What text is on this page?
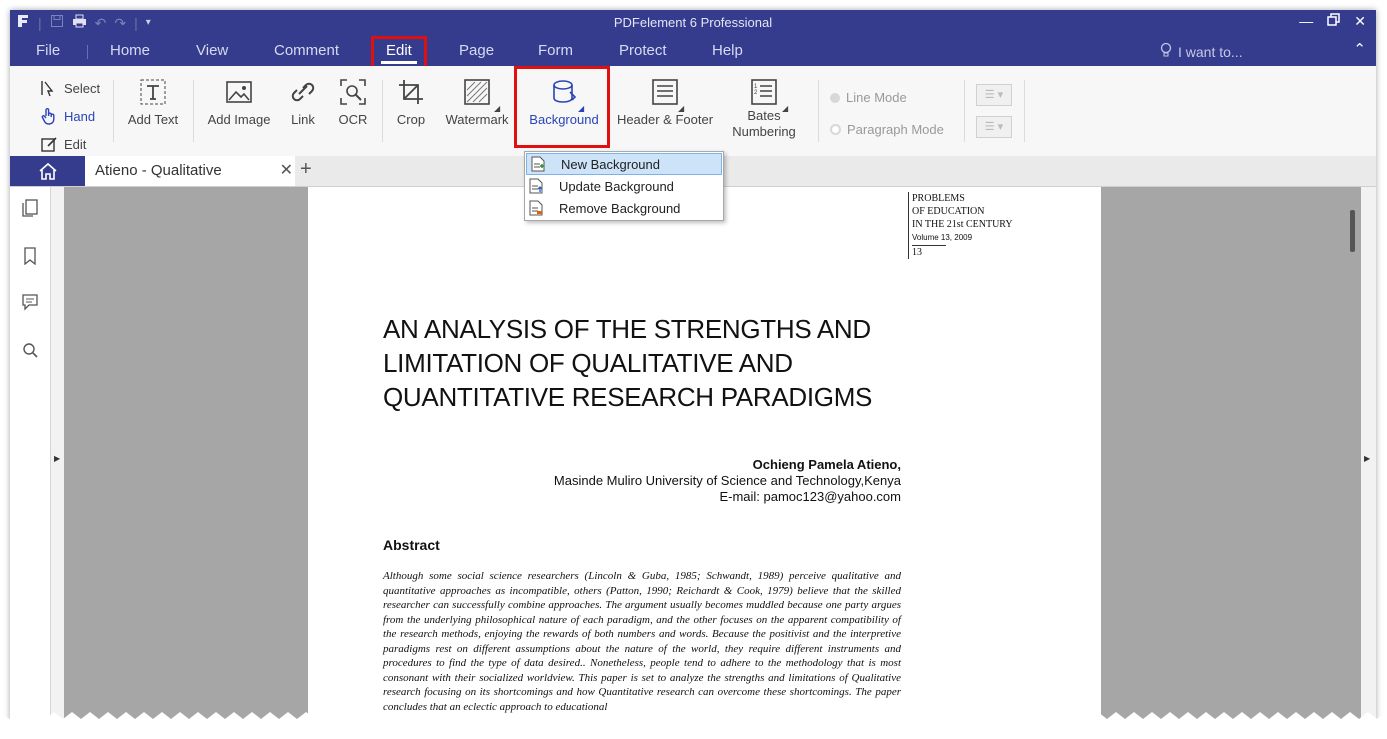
|	↶ ↷ | ▾	PDFelement 6 Professional	—	✕
File	Home	View	Comment	Edit	Page	Form	Protect	Help	I want to...	⌃
Select
Hand
Edit
Add Text Add Image	Link	OCR Crop Watermark
◢
Background
◢
Header & Footer
◢
1
2
Bates
Numbering
◢
Line Mode
Paragraph Mode
☰ ▾
☰ ▾
New Background
Update Background
Remove Background
Atieno - Qualitative	✕ +
▶	▶
PROBLEMS
OF EDUCATION
IN THE 21st CENTURY
Volume 13, 2009
13
AN ANALYSIS OF THE STRENGTHS AND LIMITATION OF QUALITATIVE AND QUANTITATIVE RESEARCH PARADIGMS
Ochieng Pamela Atieno,
Masinde Muliro University of Science and Technology,Kenya
E-mail: pamoc123@yahoo.com
Abstract
Although some social science researchers (Lincoln & Guba, 1985; Schwandt, 1989) perceive qualitative and quantitative approaches as incompatible, others (Patton, 1990; Reichardt & Cook, 1979) believe that the skilled researcher can successfully combine approaches. The argument usually becomes muddled because one party argues from the underlying philosophical nature of each paradigm, and the other focuses on the apparent compatibility of the research methods, enjoying the rewards of both numbers and words. Because the positivist and the interpretive paradigms rest on different assumptions about the nature of the world, they require different instruments and procedures to find the type of data desired.. Nonetheless, people tend to adhere to the methodology that is most consonant with their socialized worldview. This paper is set to analyze the strengths and limitations of Qualitative research focusing on its shortcomings and how Quantitative research can overcome these shortcomings. The paper concludes that an eclectic approach to educational
